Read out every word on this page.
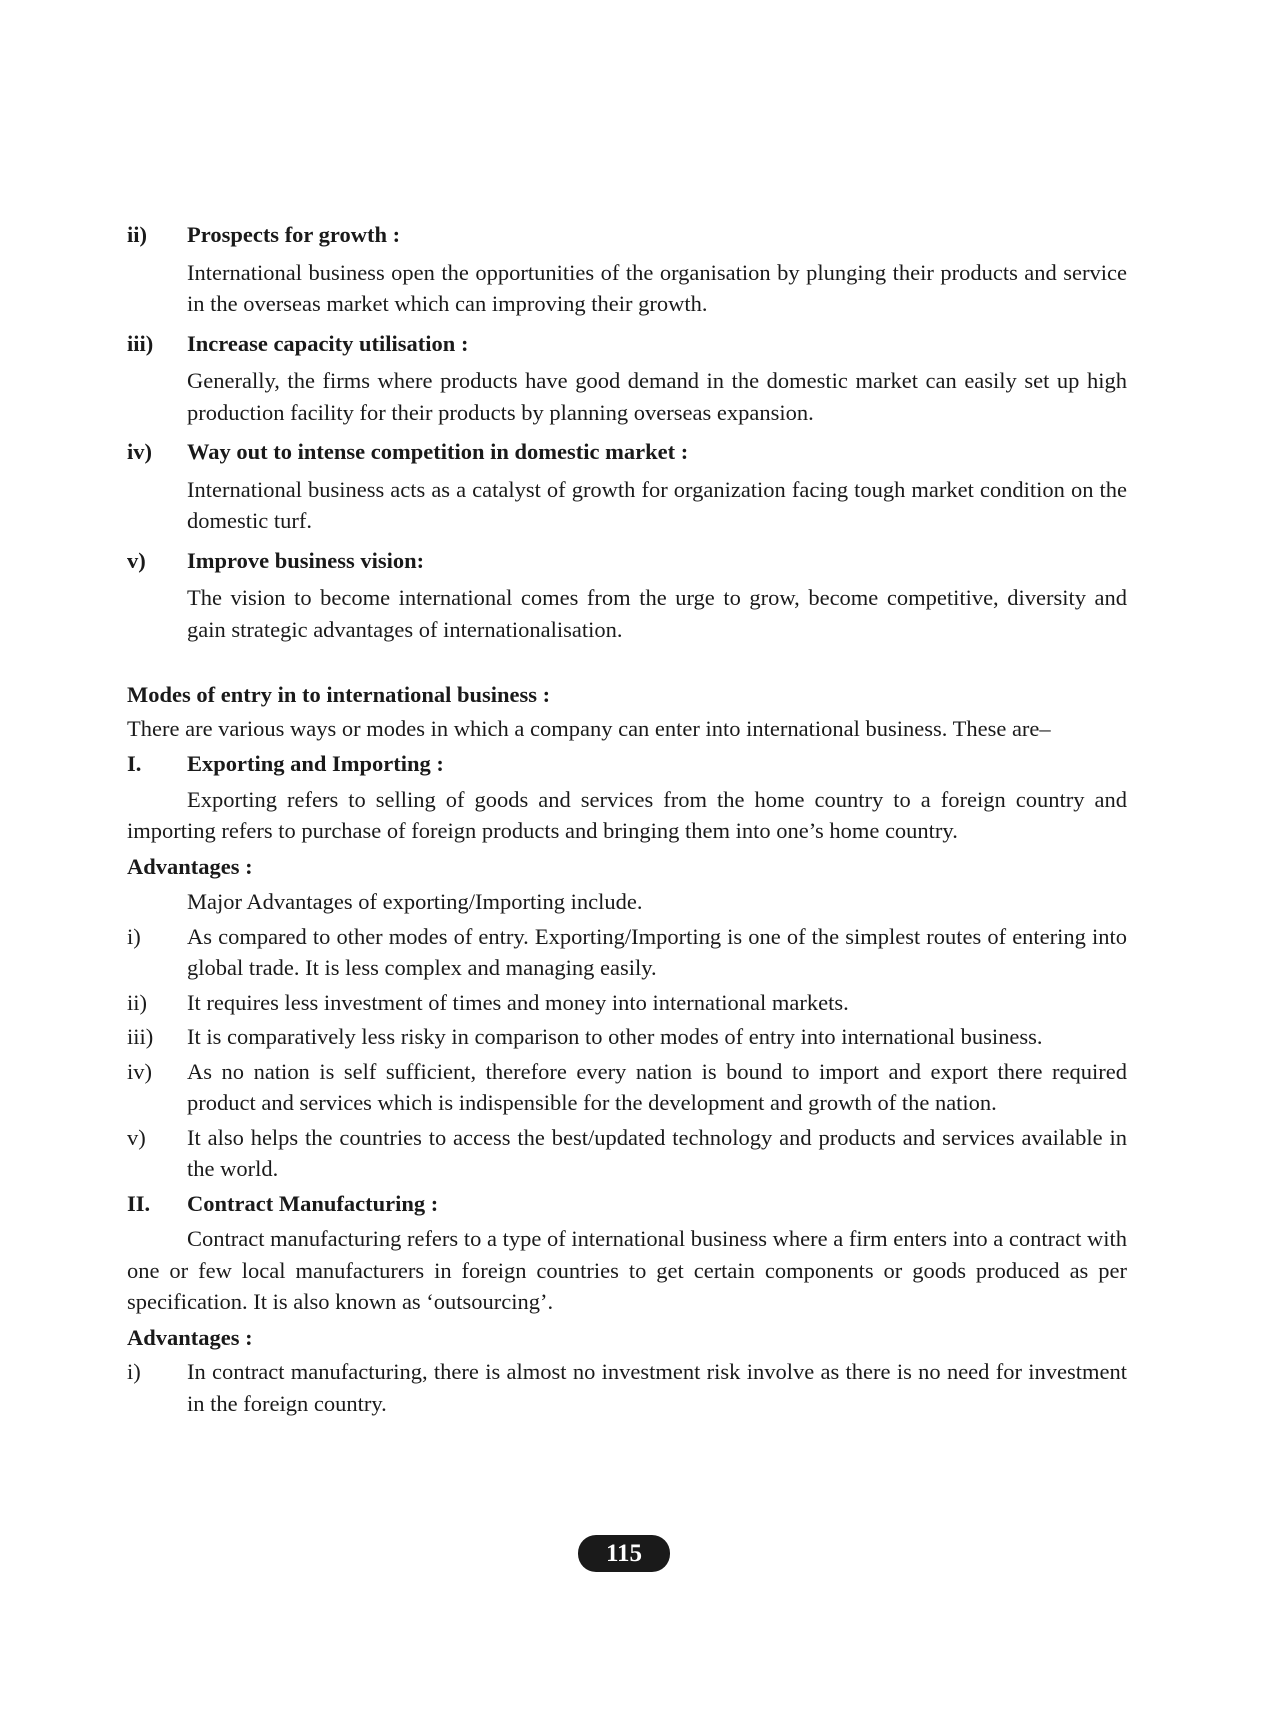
ii)	Prospects for growth :
International business open the opportunities of the organisation by plunging their products and service in the overseas market which can improving their growth.
iii)	Increase capacity utilisation :
Generally, the firms where products have good demand in the domestic market can easily set up high production facility for their products by planning overseas expansion.
iv)	Way out to intense competition in domestic market :
International business acts as a catalyst of growth for organization facing tough market condition on the domestic turf.
v)	Improve business vision:
The vision to become international comes from the urge to grow, become competitive, diversity and gain strategic advantages of internationalisation.
Modes of entry in to international business :
There are various ways or modes in which a company can enter into international business. These are–
I.	Exporting and Importing :
Exporting refers to selling of goods and services from the home country to a foreign country and importing refers to purchase of foreign products and bringing them into one’s home country.
Advantages :
Major Advantages of exporting/Importing include.
i)	As compared to other modes of entry. Exporting/Importing is one of the simplest routes of entering into global trade. It is less complex and managing easily.
ii)	It requires less investment of times and money into international markets.
iii)	It is comparatively less risky in comparison to other modes of entry into international business.
iv)	As no nation is self sufficient, therefore every nation is bound to import and export there required product and services which is indispensible for the development and growth of the nation.
v)	It also helps the countries to access the best/updated technology and products and services available in the world.
II.	Contract Manufacturing :
Contract manufacturing refers to a type of international business where a firm enters into a contract with one or few local manufacturers in foreign countries to get certain components or goods produced as per specification. It is also known as ‘outsourcing’.
Advantages :
i)	In contract manufacturing, there is almost no investment risk involve as there is no need for investment in the foreign country.
115
